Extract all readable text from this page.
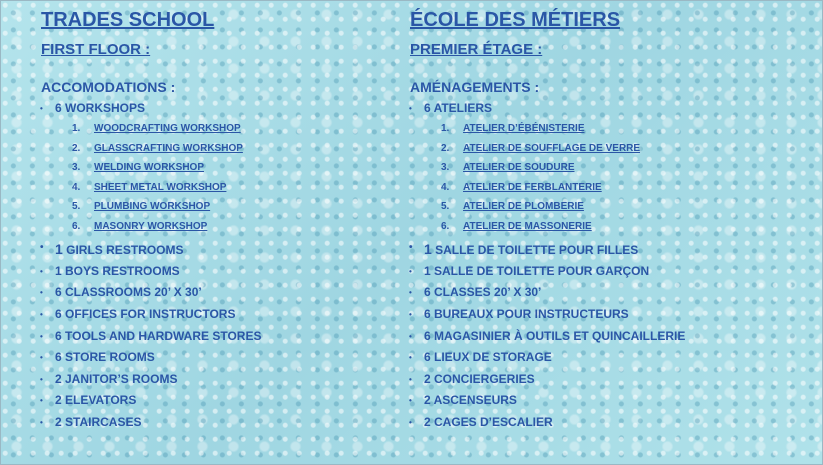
TRADES SCHOOL
FIRST FLOOR :
ACCOMODATIONS :
• 6 WORKSHOPS
1. WOODCRAFTING WORKSHOP
2. GLASSCRAFTING WORKSHOP
3. WELDING WORKSHOP
4. SHEET METAL WORKSHOP
5. PLUMBING WORKSHOP
6. MASONRY WORKSHOP
• 1 GIRLS RESTROOMS
• 1 BOYS RESTROOMS
• 6 CLASSROOMS 20’ X 30’
• 6 OFFICES FOR INSTRUCTORS
• 6 TOOLS AND HARDWARE STORES
• 6 STORE ROOMS
• 2 JANITOR’S ROOMS
• 2 ELEVATORS
• 2 STAIRCASES
ÉCOLE DES MÉTIERS
PREMIER ÉTAGE :
AMÉNAGEMENTS :
• 6 ATELIERS
1. ATELIER D’ÉBÉNISTERIE
2. ATELIER DE SOUFFLAGE DE VERRE
3. ATELIER DE SOUDURE
4. ATELIER DE FERBLANTERIE
5. ATELIER DE PLOMBERIE
6. ATELIER DE MASSONERIE
• 1 SALLE DE TOILETTE POUR FILLES
• 1 SALLE DE TOILETTE POUR GARÇON
• 6 CLASSES 20’ X 30’
• 6 BUREAUX POUR INSTRUCTEURS
• 6 MAGASINIER À OUTILS ET QUINCAILLERIE
• 6 LIEUX DE STORAGE
• 2 CONCIERGERIES
• 2 ASCENSEURS
• 2 CAGES D’ESCALIER
